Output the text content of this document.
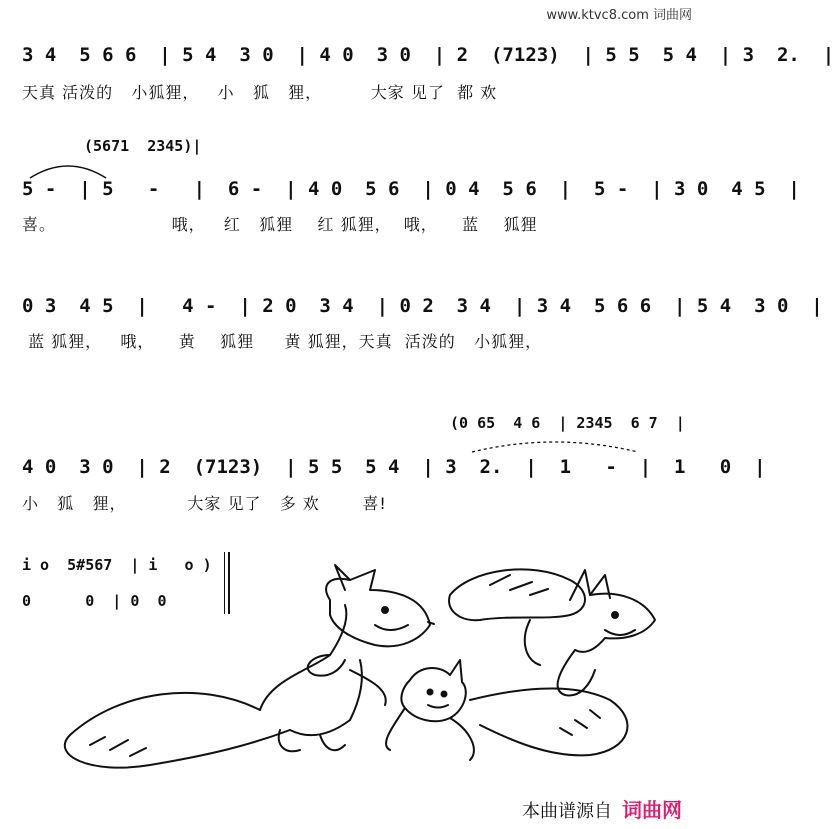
www.ktvc8.com 词曲网
3 4  5 6 6  | 5 4  3 0  | 4 0  3 0  | 2  (7123)  | 5 5  5 4  | 3  2.  |
天真 活泼的   小狐狸，   小   狐   狸，        大家 见了  都 欢
(5671  2345)|
5 -  | 5   -   |  6 -  | 4 0  5 6  | 0 4  5 6  |  5 -  | 3 0  4 5  |
喜。                   哦，   红   狐狸    红 狐狸，  哦，    蓝    狐狸
0 3  4 5  |   4 -  | 2 0  3 4  | 0 2  3 4  | 3 4  5 6 6  | 5 4  3 0  |
蓝 狐狸，   哦，    黄    狐狸     黄 狐狸，天真  活泼的   小狐狸，
(0 65  4 6  | 2345  6 7  |
4 0  3 0  | 2  (7123)  | 5 5  5 4  | 3  2.  |  1   -  |  1   0  |
小   狐   狸，          大家 见了   多 欢       喜!
i o  5#567  | i   o )
0      0  | 0  0
本曲谱源自 词曲网
